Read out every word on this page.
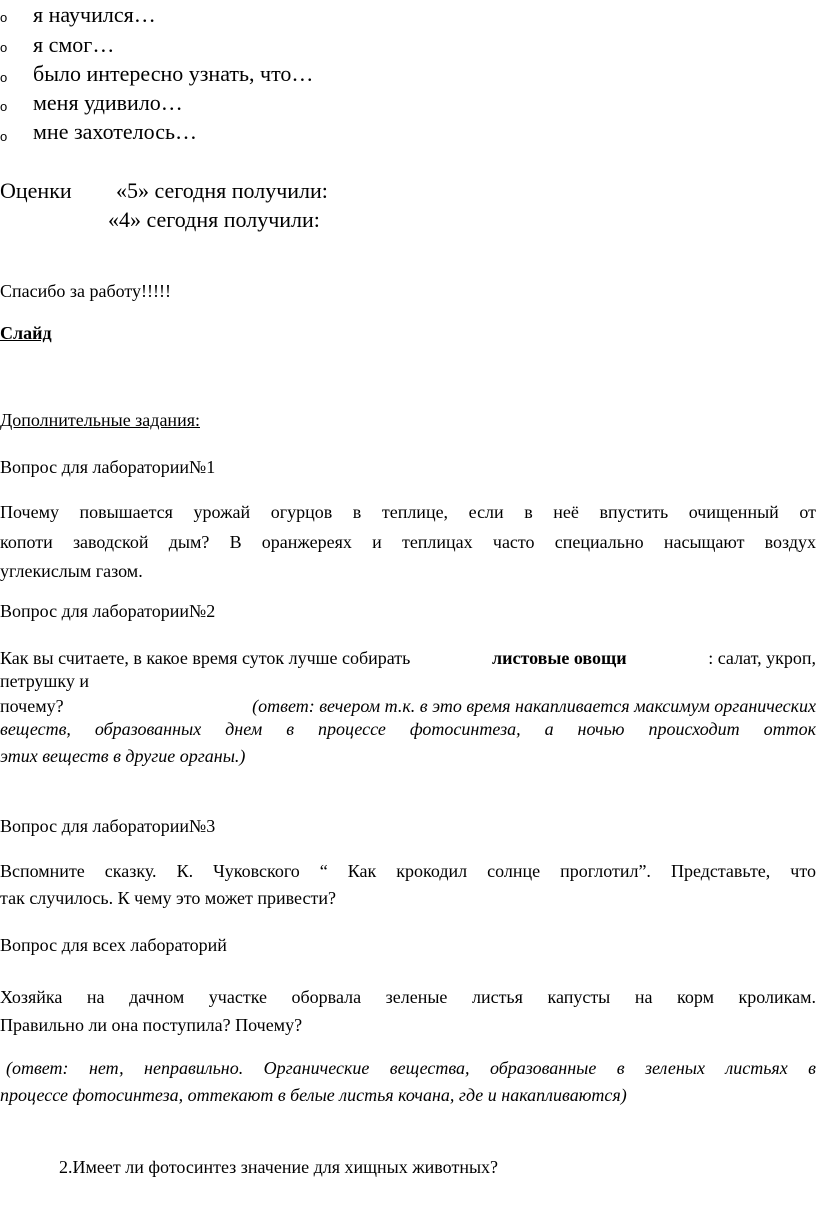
o я научился…
o я смог…
o было интересно узнать, что…
o меня удивило…
o мне захотелось…
Оценки «5» сегодня получили:
«4» сегодня получили:
Спасибо за работу!!!!!
Слайд
Дополнительные задания:
Вопрос для лаборатории№1
Почему повышается урожай огурцов в теплице, если в неё впустить очищенный от
копоти заводской дым? В оранжереях и теплицах часто специально насыщают воздух
углекислым газом.
Вопрос для лаборатории№2
Как вы считаете, в какое время суток лучше собирать	листовые овощи	: салат, укроп,
петрушку и
почему?	(ответ: вечером т.к. в это время накапливается максимум органических
веществ, образованных днем в процессе фотосинтеза, а ночью происходит отток
этих веществ в другие органы.)
Вопрос для лаборатории№3
Вспомните сказку. К. Чуковского “ Как крокодил солнце проглотил”. Представьте, что
так случилось. К чему это может привести?
Вопрос для всех лабораторий
Хозяйка на дачном участке оборвала зеленые листья капусты на корм кроликам.
Правильно ли она поступила? Почему?
(ответ: нет, неправильно. Органические вещества, образованные в зеленых листьях в
процессе фотосинтеза, оттекают в белые листья кочана, где и накапливаются)
2.Имеет ли фотосинтез значение для хищных животных?
